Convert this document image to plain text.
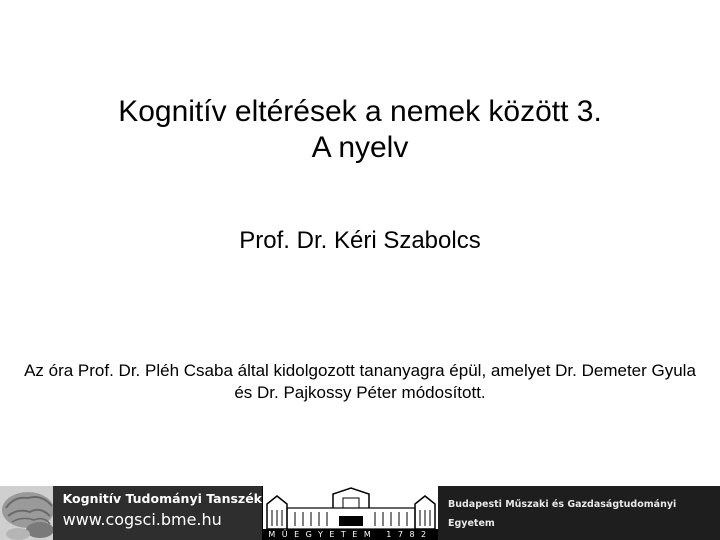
Kognitív eltérések a nemek között 3.
A nyelv

Prof. Dr. Kéri Szabolcs

Az óra Prof. Dr. Pléh Csaba által kidolgozott tananyagra épül, amelyet Dr. Demeter Gyula és Dr. Pajkossy Péter módosított.

Kognitív Tudományi Tanszék
www.cogsci.bme.hu
MŰEGYETEM 1782
Budapesti Műszaki és Gazdaságtudományi
Egyetem
